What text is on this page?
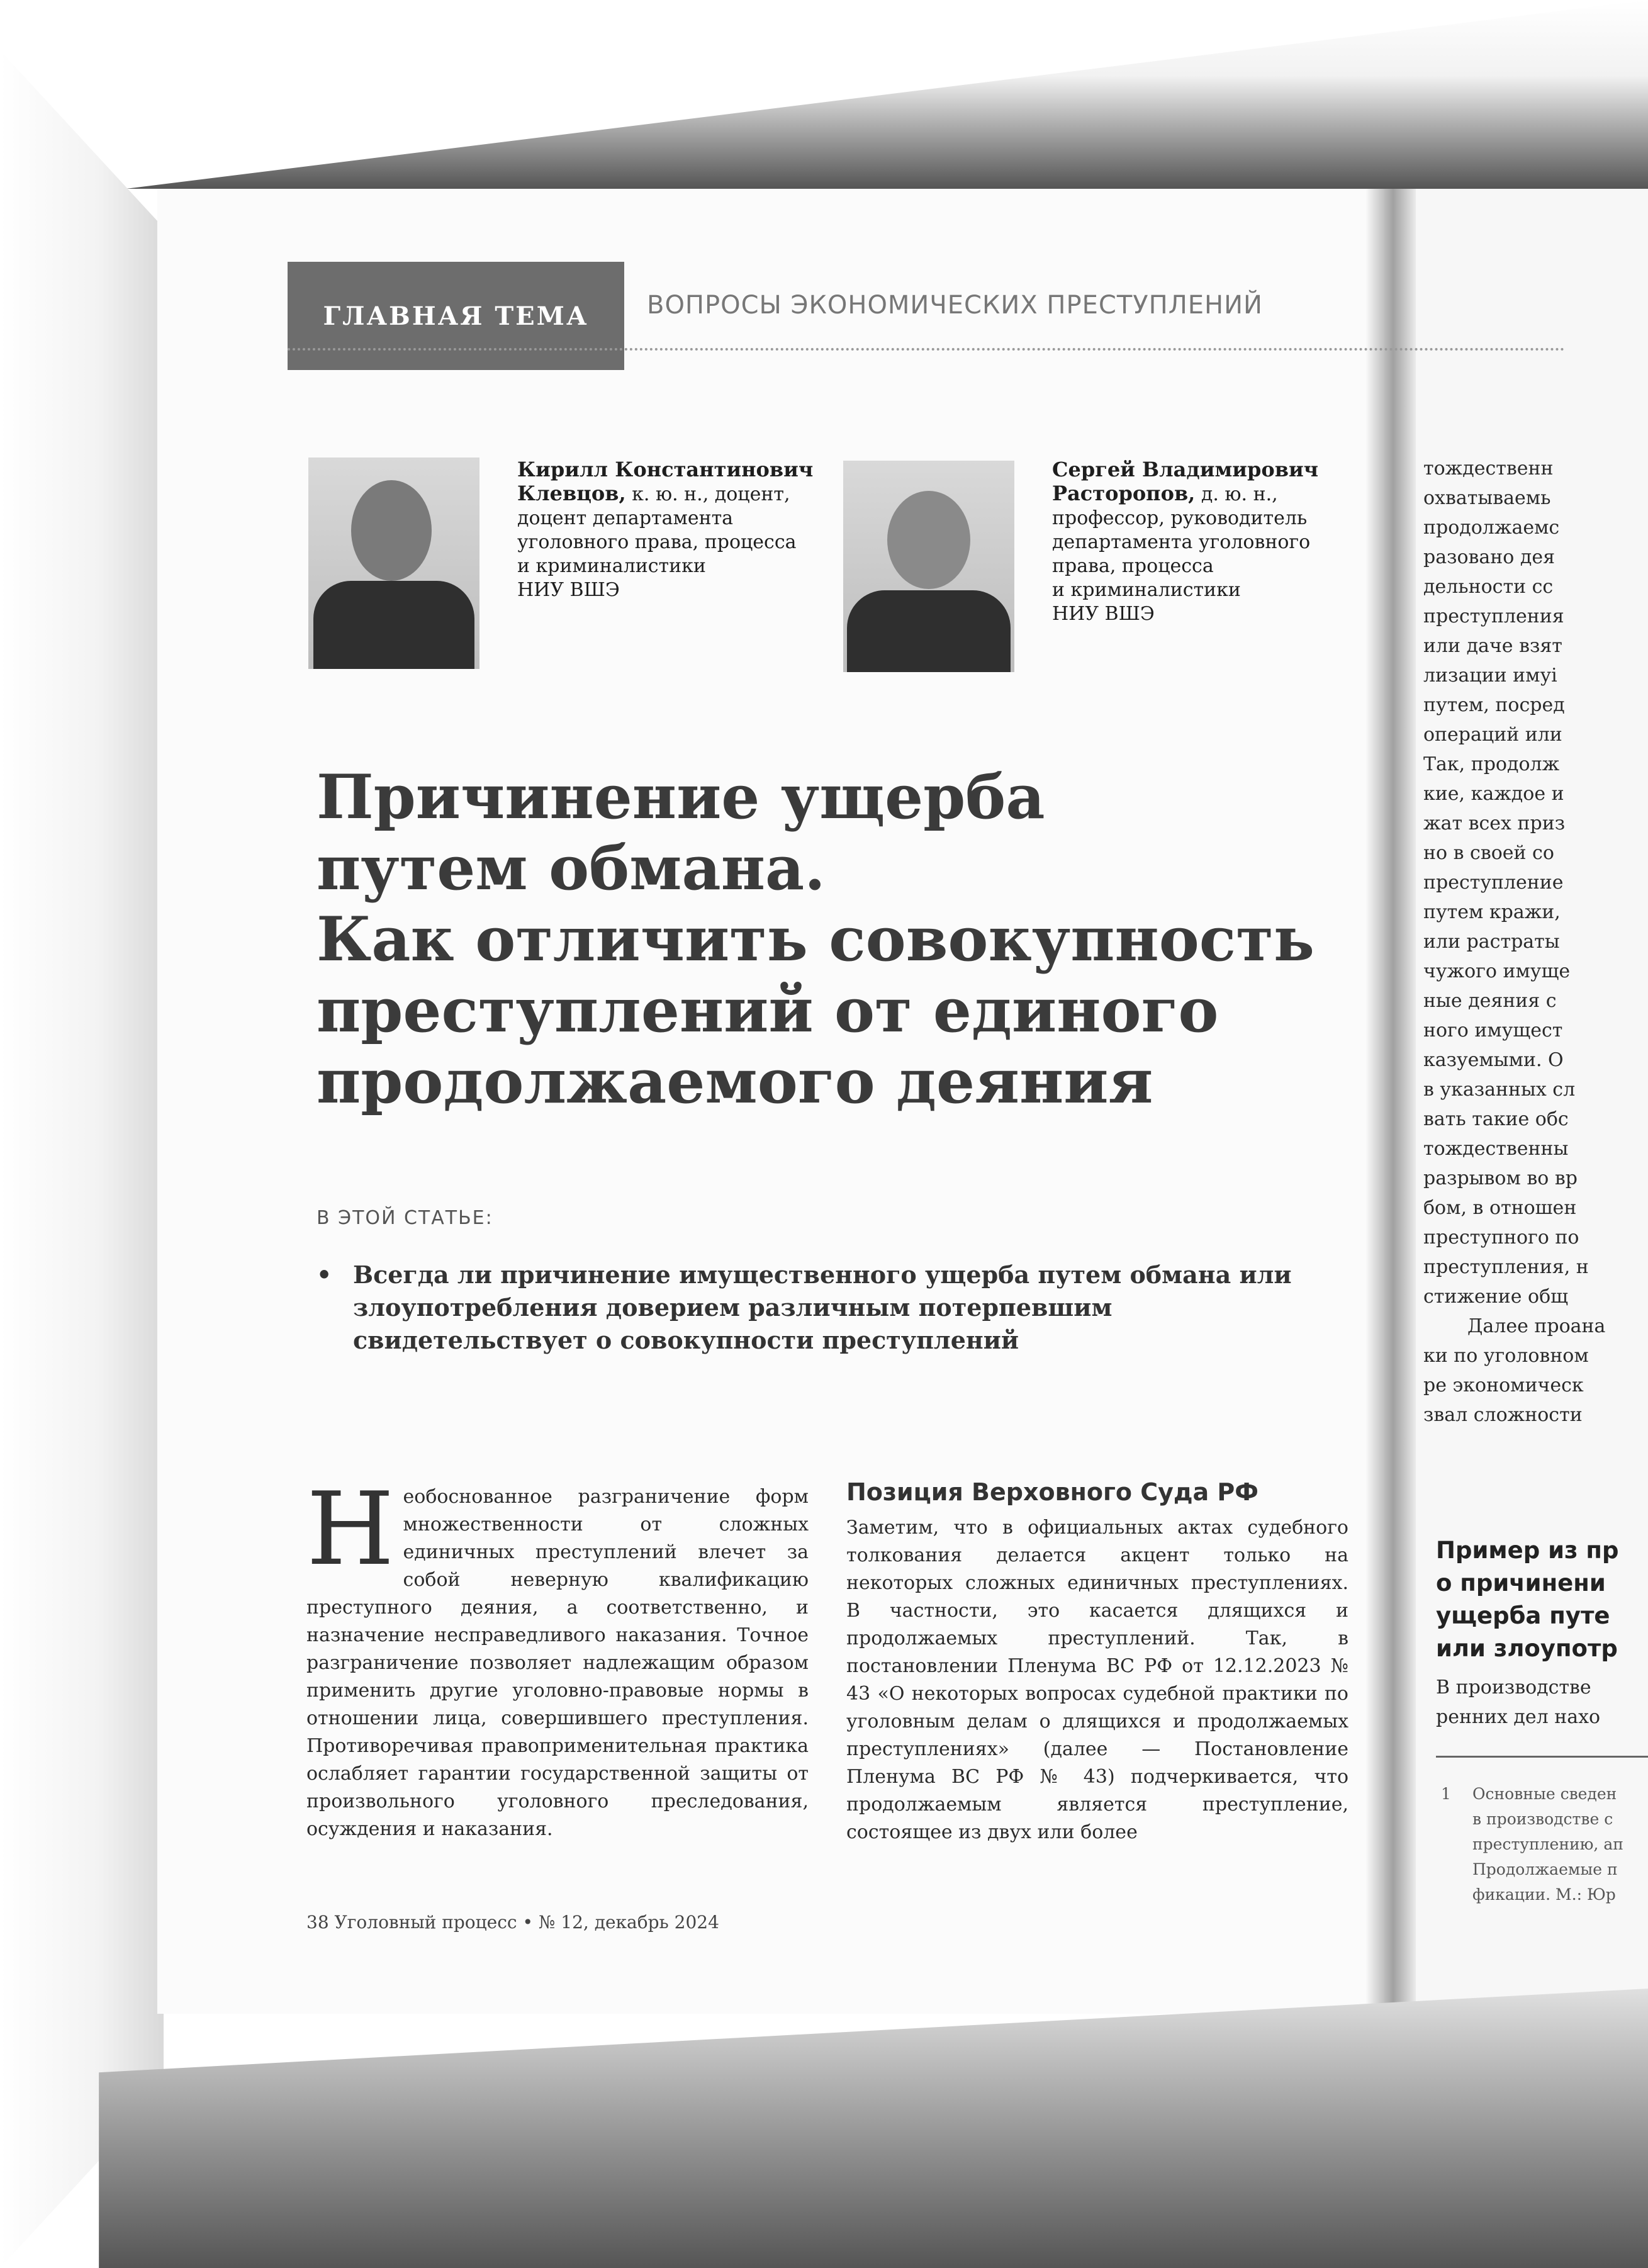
ГЛАВНАЯ ТЕМА ВОПРОСЫ ЭКОНОМИЧЕСКИХ ПРЕСТУПЛЕНИЙ
Кирилл Константинович
Клевцов, к. ю. н., доцент,
доцент департамента
уголовного права, процесса
и криминалистики
НИУ ВШЭ
Сергей Владимирович
Расторопов, д. ю. н.,
профессор, руководитель
департамента уголовного
права, процесса
и криминалистики
НИУ ВШЭ
Причинение ущерба
путем обмана.
Как отличить совокупность
преступлений от единого
продолжаемого деяния
В ЭТОЙ СТАТЬЕ:
• Всегда ли причинение имущественного ущерба путем обмана или злоупотребления доверием различным потерпевшим свидетельствует о совокупности преступлений
Необоснованное разграничение форм множественности от сложных единичных преступлений влечет за собой неверную квалификацию преступного деяния, а соответственно, и назначение несправедливого наказания. Точное разграничение позволяет надлежащим образом применить другие уголовно-правовые нормы в отношении лица, совершившего преступления. Противоречивая правоприменительная практика ослабляет гарантии государственной защиты от произвольного уголовного преследования, осуждения и наказания.
Позиция Верховного Суда РФ
Заметим, что в официальных актах судебного толкования делается акцент только на некоторых сложных единичных преступлениях. В частности, это касается длящихся и продолжаемых преступлений. Так, в постановлении Пленума ВС РФ от 12.12.2023 № 43 «О некоторых вопросах судебной практики по уголовным делам о длящихся и продолжаемых преступлениях» (далее — Постановление Пленума ВС РФ № 43) подчеркивается, что продолжаемым является преступление, состоящее из двух или более
38 Уголовный процесс • № 12, декабрь 2024
тождественн
охватываемь
продолжаемс
разовано дея
дельности сс
преступления
или даче взят
лизации имуі
путем, посред
операций или
Так, продолж
кие, каждое и
жат всех приз
но в своей со
преступление
путем кражи,
или растраты
чужого имуще
ные деяния с
ного имущест
казуемыми. О
в указанных сл
вать такие обс
тождественны
разрывом во вр
бом, в отношен
преступного по
преступления, н
стижение общ
Далее проана
ки по уголовном
ре экономическ
звал сложности
Пример из пр
о причинени
ущерба путе
или злоупотр
В производстве
ренних дел нахо
1 Основные сведен
в производстве с
преступлению, ап
Продолжаемые п
фикации. М.: Юр
